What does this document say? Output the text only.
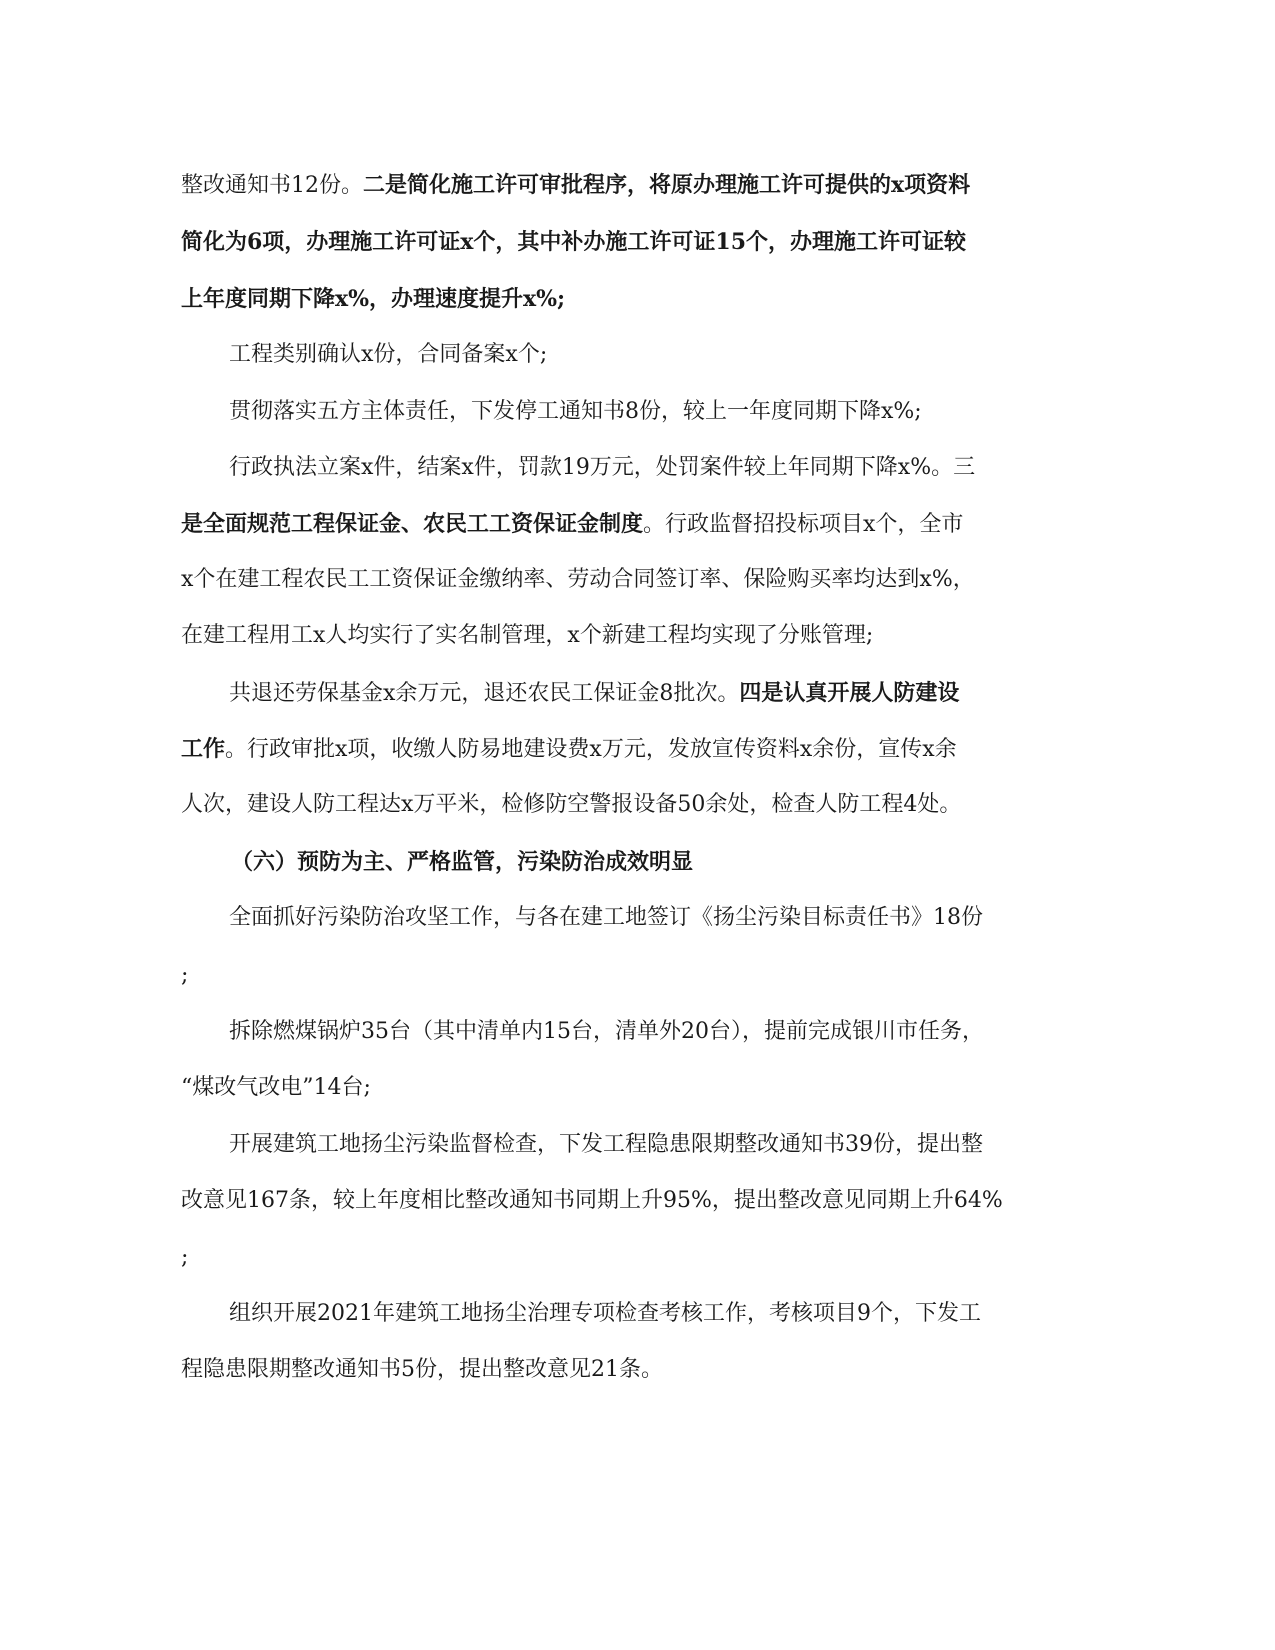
整改通知书12份。二是简化施工许可审批程序，将原办理施工许可提供的x项资料
简化为6项，办理施工许可证x个，其中补办施工许可证15个，办理施工许可证较
上年度同期下降x%，办理速度提升x%;
工程类别确认x份，合同备案x个;
贯彻落实五方主体责任，下发停工通知书8份，较上一年度同期下降x%;
行政执法立案x件，结案x件，罚款19万元，处罚案件较上年同期下降x%。三
是全面规范工程保证金、农民工工资保证金制度。行政监督招投标项目x个，全市
x个在建工程农民工工资保证金缴纳率、劳动合同签订率、保险购买率均达到x%，
在建工程用工x人均实行了实名制管理，x个新建工程均实现了分账管理;
共退还劳保基金x余万元，退还农民工保证金8批次。四是认真开展人防建设
工作。行政审批x项，收缴人防易地建设费x万元，发放宣传资料x余份，宣传x余
人次，建设人防工程达x万平米，检修防空警报设备50余处，检查人防工程4处。
（六）预防为主、严格监管，污染防治成效明显
全面抓好污染防治攻坚工作，与各在建工地签订《扬尘污染目标责任书》18份
;
拆除燃煤锅炉35台（其中清单内15台，清单外20台），提前完成银川市任务，
“煤改气改电”14台;
开展建筑工地扬尘污染监督检查，下发工程隐患限期整改通知书39份，提出整
改意见167条，较上年度相比整改通知书同期上升95%，提出整改意见同期上升64%
;
组织开展2021年建筑工地扬尘治理专项检查考核工作，考核项目9个，下发工
程隐患限期整改通知书5份，提出整改意见21条。
